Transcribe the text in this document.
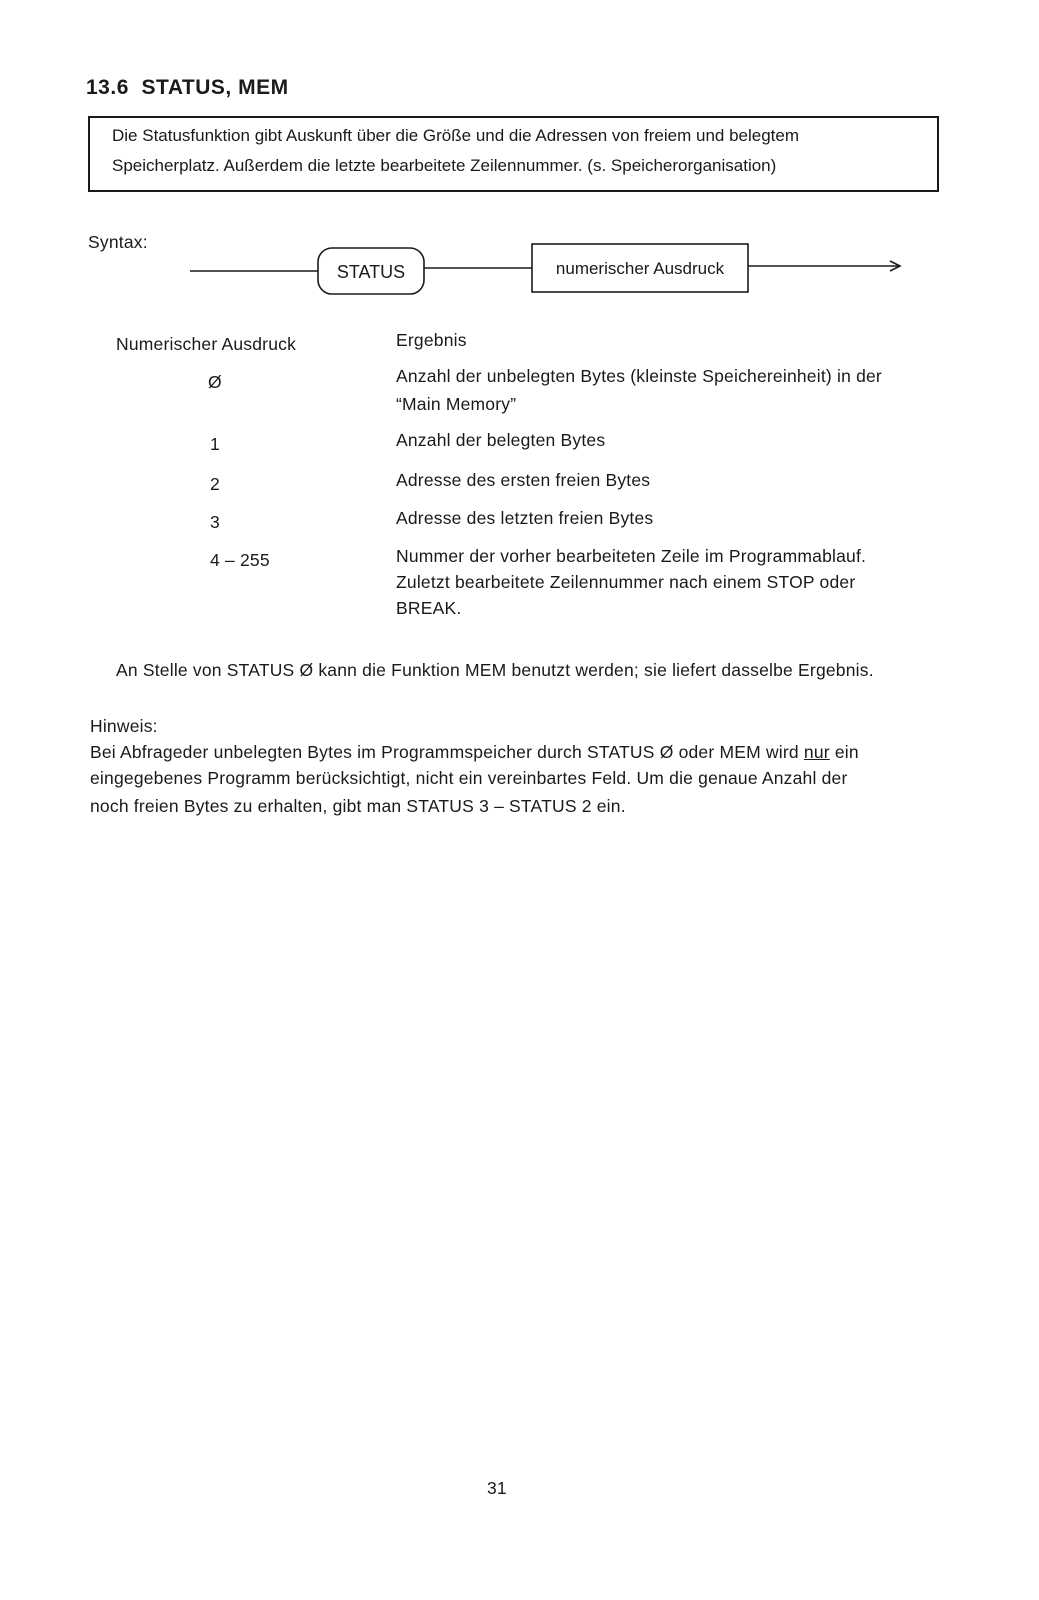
13.6 STATUS, MEM
Die Statusfunktion gibt Auskunft über die Größe und die Adressen von freiem und belegtem
Speicherplatz. Außerdem die letzte bearbeitete Zeilennummer. (s. Speicherorganisation)
Syntax:
STATUS	numerischer Ausdruck
Numerischer Ausdruck	Ergebnis
Ø	Anzahl der unbelegten Bytes (kleinste Speichereinheit) in der
“Main Memory”
1	Anzahl der belegten Bytes
2	Adresse des ersten freien Bytes
3	Adresse des letzten freien Bytes
4 – 255	Nummer der vorher bearbeiteten Zeile im Programmablauf.
Zuletzt bearbeitete Zeilennummer nach einem STOP oder
BREAK.
An Stelle von STATUS Ø kann die Funktion MEM benutzt werden; sie liefert dasselbe Ergebnis.
Hinweis:
Bei Abfrageder unbelegten Bytes im Programmspeicher durch STATUS Ø oder MEM wird nur ein
eingegebenes Programm berücksichtigt, nicht ein vereinbartes Feld. Um die genaue Anzahl der
noch freien Bytes zu erhalten, gibt man STATUS 3 – STATUS 2 ein.
31
